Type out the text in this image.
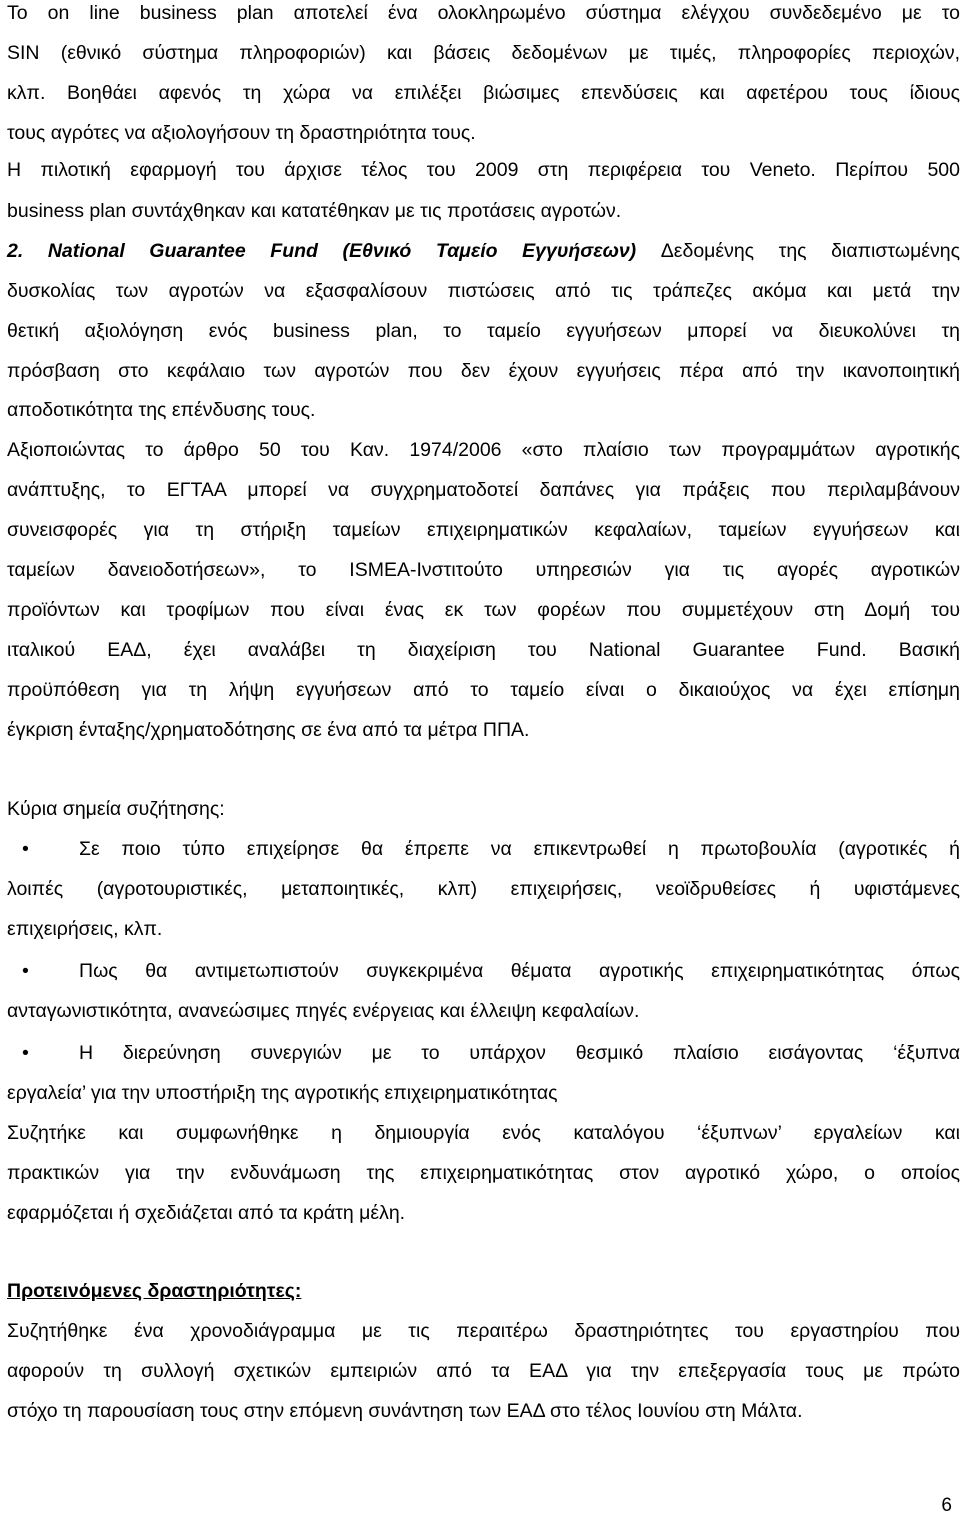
Το on line business plan αποτελεί ένα ολοκληρωμένο σύστημα ελέγχου συνδεδεμένο με το
SIN (εθνικό σύστημα πληροφοριών) και βάσεις δεδομένων με τιμές, πληροφορίες περιοχών,
κλπ. Βοηθάει αφενός τη χώρα να επιλέξει βιώσιμες επενδύσεις και αφετέρου τους ίδιους
τους αγρότες να αξιολογήσουν τη δραστηριότητα τους.
Η πιλοτική εφαρμογή του άρχισε τέλος του 2009 στη περιφέρεια του Veneto. Περίπου 500
business plan συντάχθηκαν και κατατέθηκαν με τις προτάσεις αγροτών.
2. National Guarantee Fund (Εθνικό Ταμείο Εγγυήσεων) Δεδομένης της διαπιστωμένης
δυσκολίας των αγροτών να εξασφαλίσουν πιστώσεις από τις τράπεζες ακόμα και μετά την
θετική αξιολόγηση ενός business plan, το ταμείο εγγυήσεων μπορεί να διευκολύνει τη
πρόσβαση στο κεφάλαιο των αγροτών που δεν έχουν εγγυήσεις πέρα από την ικανοποιητική
αποδοτικότητα της επένδυσης τους.
Αξιοποιώντας το άρθρο 50 του Καν. 1974/2006 «στο πλαίσιο των προγραμμάτων αγροτικής
ανάπτυξης, το ΕΓΤΑΑ μπορεί να συγχρηματοδοτεί δαπάνες για πράξεις που περιλαμβάνουν
συνεισφορές για τη στήριξη ταμείων επιχειρηματικών κεφαλαίων, ταμείων εγγυήσεων και
ταμείων δανειοδοτήσεων», το ISMEA-Ινστιτούτο υπηρεσιών για τις αγορές αγροτικών
προϊόντων και τροφίμων που είναι ένας εκ των φορέων που συμμετέχουν στη Δομή του
ιταλικού ΕΑΔ, έχει αναλάβει τη διαχείριση του National Guarantee Fund. Βασική
προϋπόθεση για τη λήψη εγγυήσεων από το ταμείο είναι ο δικαιούχος να έχει επίσημη
έγκριση ένταξης/χρηματοδότησης σε ένα από τα μέτρα ΠΠΑ.
Κύρια σημεία συζήτησης:
•	Σε ποιο τύπο επιχείρησε θα έπρεπε να επικεντρωθεί η πρωτοβουλία (αγροτικές ή
λοιπές (αγροτουριστικές, μεταποιητικές, κλπ) επιχειρήσεις, νεοϊδρυθείσες ή υφιστάμενες
επιχειρήσεις, κλπ.
•	Πως θα αντιμετωπιστούν συγκεκριμένα θέματα αγροτικής επιχειρηματικότητας όπως
ανταγωνιστικότητα, ανανεώσιμες πηγές ενέργειας και έλλειψη κεφαλαίων.
•	Η διερεύνηση συνεργιών με το υπάρχον θεσμικό πλαίσιο εισάγοντας ‘έξυπνα
εργαλεία’ για την υποστήριξη της αγροτικής επιχειρηματικότητας
Συζητήκε και συμφωνήθηκε η δημιουργία ενός καταλόγου ‘έξυπνων’ εργαλείων και
πρακτικών για την ενδυνάμωση της επιχειρηματικότητας στον αγροτικό χώρο, ο οποίος
εφαρμόζεται ή σχεδιάζεται από τα κράτη μέλη.
Προτεινόμενες δραστηριότητες:
Συζητήθηκε ένα χρονοδιάγραμμα με τις περαιτέρω δραστηριότητες του εργαστηρίου που
αφορούν τη συλλογή σχετικών εμπειριών από τα ΕΑΔ για την επεξεργασία τους με πρώτο
στόχο τη παρουσίαση τους στην επόμενη συνάντηση των ΕΑΔ στο τέλος Ιουνίου στη Μάλτα.
6
